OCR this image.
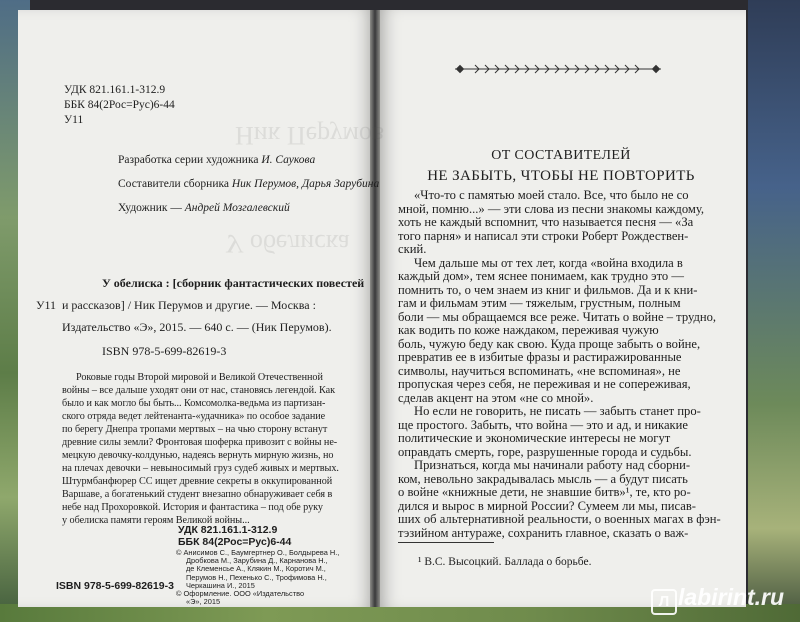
Ник Перумов
У обелиска
УДК 821.161.1-312.9
ББК 84(2Рос=Рус)6-44
У11
Разработка серии художника И. Саукова
Составители сборника Ник Перумов, Дарья Зарубина
Художник — Андрей Мозгалевский
У11
У обелиска : [сборник фантастических повестей
и рассказов] / Ник Перумов и другие. — Москва :
Издательство «Э», 2015. — 640 с. — (Ник Перумов).
ISBN 978-5-699-82619-3
Роковые годы Второй мировой и Великой Отечественной
войны – все дальше уходят они от нас, становясь легендой. Как
было и как могло бы быть... Комсомолка-ведьма из партизан-
ского отряда ведет лейтенанта-«удачника» по особое задание
по берегу Днепра тропами мертвых – на чью сторону встанут
древние силы земли? Фронтовая шоферка привозит с войны не-
мецкую девочку-колдунью, надеясь вернуть мирную жизнь, но
на плечах девочки – невыносимый груз судеб живых и мертвых.
Штурмбанфюрер СС ищет древние секреты в оккупированной
Варшаве, а богатенький студент внезапно обнаруживает себя в
небе над Прохоровкой. История и фантастика – под обе руку
у обелиска памяти героям Великой войны...
УДК 821.161.1-312.9
ББК 84(2Рос=Рус)6-44
© Анисимов С., Баумгертнер О., Болдырева Н.,
Дробкова М., Зарубина Д., Карнанова Н.,
де Клеменсье А., Клякин М., Коротич М.,
Перумов Н., Пехенько С., Трофимова Н.,
Черкашина И., 2015
ISBN 978-5-699-82619-3
ОТ СОСТАВИТЕЛЕЙ
НЕ ЗАБЫТЬ, ЧТОБЫ НЕ ПОВТОРИТЬ
«Что-то с памятью моей стало. Все, что было не со
мной, помню...» — эти слова из песни знакомы каждому,
хоть не каждый вспомнит, что называется песня — «За
того парня» и написал эти строки Роберт Рождествен-
ский.
Чем дальше мы от тех лет, когда «война входила в
каждый дом», тем яснее понимаем, как трудно это —
помнить то, о чем знаем из книг и фильмов. Да и к кни-
гам и фильмам этим — тяжелым, грустным, полным
боли — мы обращаемся все реже. Читать о войне – трудно,
как водить по коже наждаком, переживая чужую
боль, чужую беду как свою. Куда проще забыть о войне,
превратив ее в избитые фразы и растиражированные
символы, научиться вспоминать, «не вспоминая», не
пропуская через себя, не переживая и не сопереживая,
сделав акцент на этом «не со мной».
Но если не говорить, не писать — забыть станет про-
ще простого. Забыть, что война — это и ад, и никакие
¹ В.С. Высоцкий. Баллада о борьбе.
Л labirint.ru
политические и экономические интересы не могут
оправдать смерть, горе, разрушенные города и судьбы.
Признаться, когда мы начинали работу над сборни-
ком, невольно закрадывалась мысль — а будут писать
о войне «книжные дети, не знавшие битв»¹, те, кто ро-
дился и вырос в мирной России? Сумеем ли мы, писав-
ших об альтернативной реальности, о военных магах в фэн-
тэзийном антураже, сохранить главное, сказать о важ-
© Оформление. ООО «Издательство
«Э», 2015
